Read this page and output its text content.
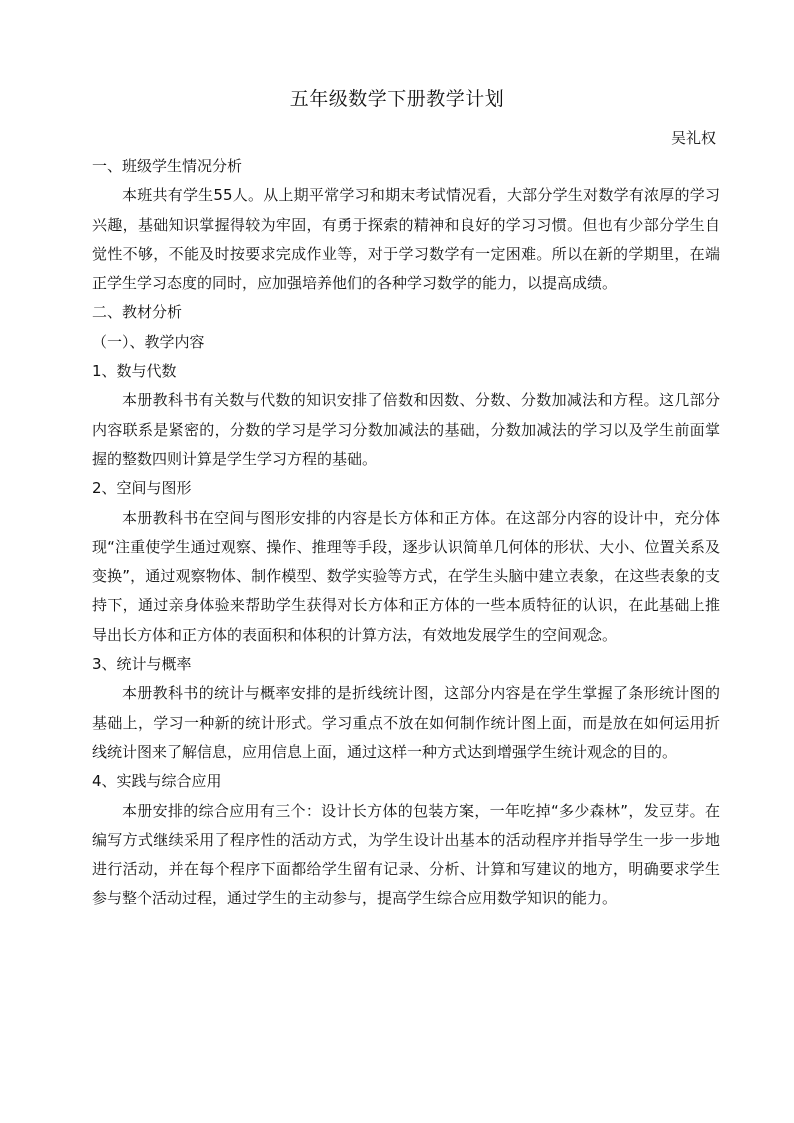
五年级数学下册教学计划
吴礼权

一、班级学生情况分析

本班共有学生55人。从上期平常学习和期末考试情况看，大部分学生对数学有浓厚的学习兴趣，基础知识掌握得较为牢固，有勇于探索的精神和良好的学习习惯。但也有少部分学生自觉性不够，不能及时按要求完成作业等，对于学习数学有一定困难。所以在新的学期里，在端正学生学习态度的同时，应加强培养他们的各种学习数学的能力，以提高成绩。

二、教材分析

（一）、教学内容

1、数与代数

本册教科书有关数与代数的知识安排了倍数和因数、分数、分数加减法和方程。这几部分内容联系是紧密的，分数的学习是学习分数加减法的基础，分数加减法的学习以及学生前面掌握的整数四则计算是学生学习方程的基础。

2、空间与图形

本册教科书在空间与图形安排的内容是长方体和正方体。在这部分内容的设计中，充分体现“注重使学生通过观察、操作、推理等手段，逐步认识简单几何体的形状、大小、位置关系及变换”，通过观察物体、制作模型、数学实验等方式，在学生头脑中建立表象，在这些表象的支持下，通过亲身体验来帮助学生获得对长方体和正方体的一些本质特征的认识，在此基础上推导出长方体和正方体的表面积和体积的计算方法，有效地发展学生的空间观念。

3、统计与概率

本册教科书的统计与概率安排的是折线统计图，这部分内容是在学生掌握了条形统计图的基础上，学习一种新的统计形式。学习重点不放在如何制作统计图上面，而是放在如何运用折线统计图来了解信息，应用信息上面，通过这样一种方式达到增强学生统计观念的目的。

4、实践与综合应用

本册安排的综合应用有三个：设计长方体的包装方案，一年吃掉“多少森林”，发豆芽。在编写方式继续采用了程序性的活动方式，为学生设计出基本的活动程序并指导学生一步一步地进行活动，并在每个程序下面都给学生留有记录、分析、计算和写建议的地方，明确要求学生参与整个活动过程，通过学生的主动参与，提高学生综合应用数学知识的能力。
